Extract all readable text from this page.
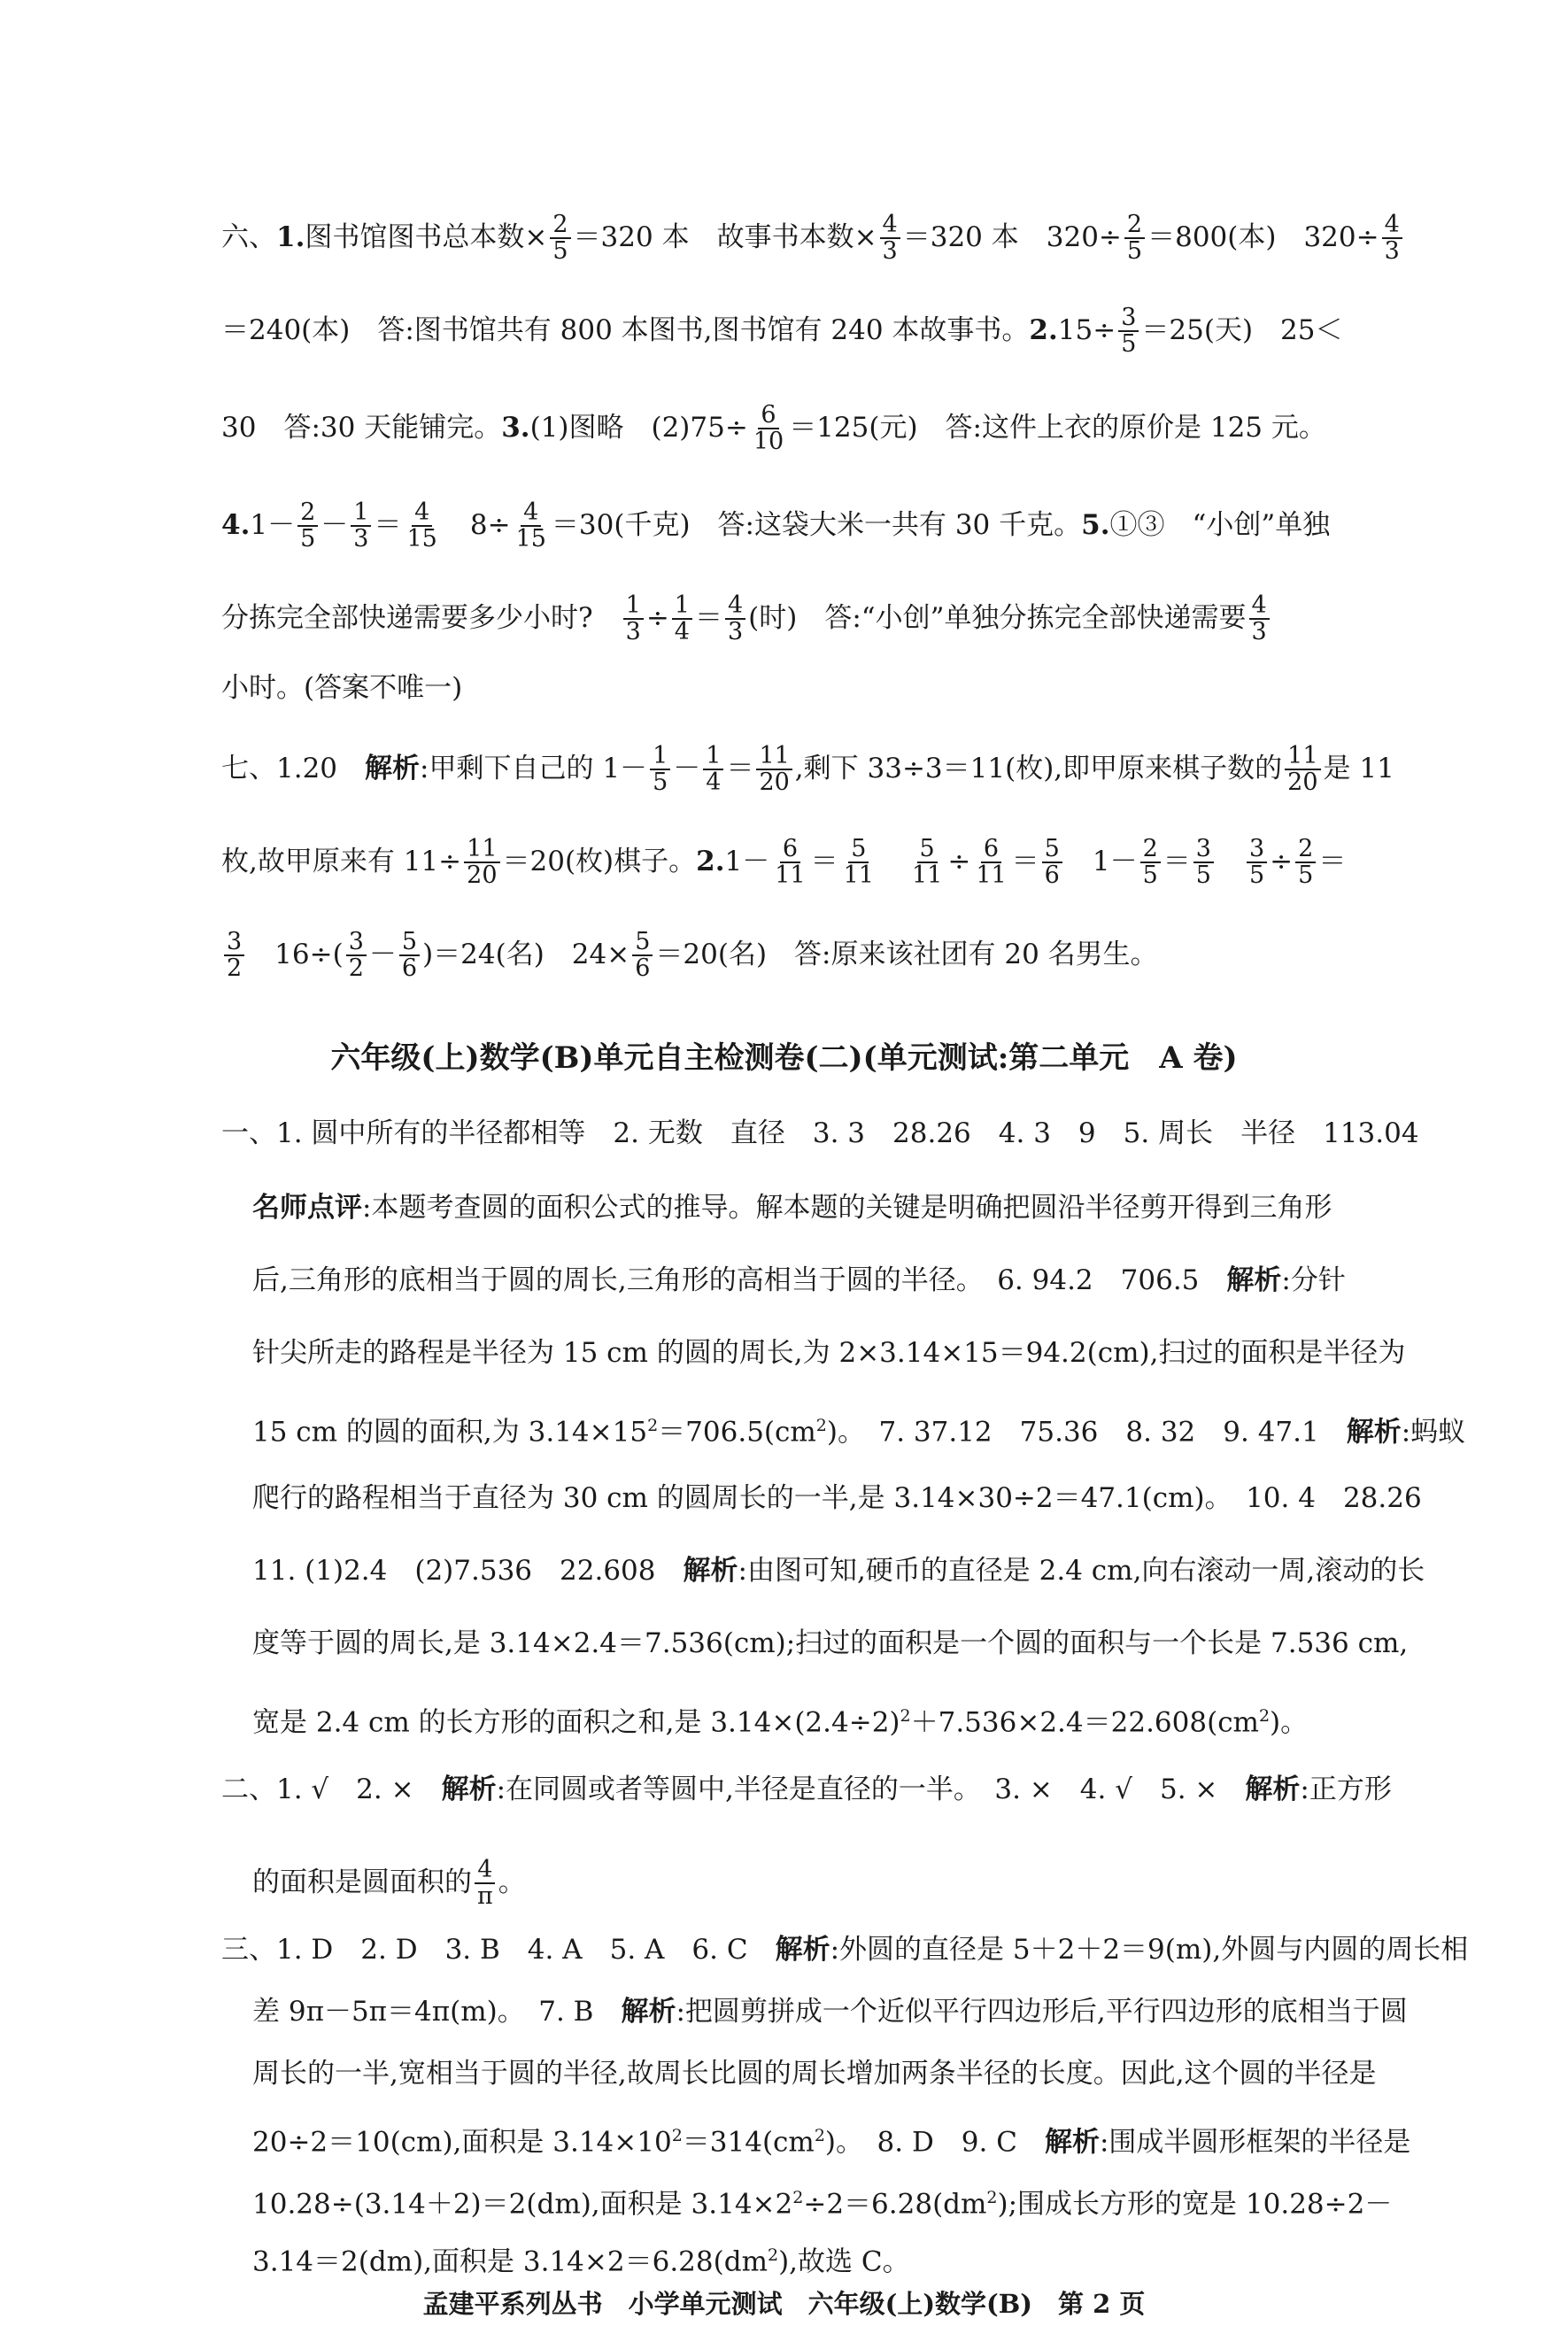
六、1.图书馆图书总本数× $\frac{2}{5} =320$ 本　故事书本数× $\frac{4}{3} =320$ 本　$320\div \frac{2}{5} =800$(本)　$320\div \frac{4}{3}$
＝240(本)　答:图书馆共有 800 本图书,图书馆有 240 本故事书。$2.15\div \frac{3}{5} =25$(天)　25＜
30　答:30 天能铺完。3.(1)图略　$(2)75\div \frac{6}{10} =125$(元)　答:这件上衣的原价是 125 元。
$4.1- \frac{2}{5} - \frac{1}{3} = \frac{4}{15}$ 　$8\div \frac{4}{15} =30$(千克)　答:这袋大米一共有 30 千克。5.①③　“小创”单独
分拣完全部快递需要多少小时?　 $\frac{1}{3} \div \frac{1}{4} = \frac{4}{3}$ (时)　答:“小创”单独分拣完全部快递需要 $\frac{4}{3}$
小时。(答案不唯一)
七、1.20　解析:甲剩下自己的 $1- \frac{1}{5} - \frac{1}{4} = \frac{11}{20}$ ,剩下 33÷3＝11(枚),即甲原来棋子数的 $\frac{11}{20}$ 是 11
枚,故甲原来有 $11\div \frac{11}{20} =20$(枚)棋子。$2.1- \frac{6}{11} = \frac{5}{11}$
　 $\frac{5}{11} \div \frac{6}{11} = \frac{5}{6}$ 　$1- \frac{2}{5} = \frac{3}{5}$
　 $\frac{3}{5} \div \frac{2}{5}$ ＝
$\frac{3}{2}$ 　$16\div( \frac{3}{2} - \frac{5}{6} )=24$(名)　$24\times \frac{5}{6} =20$(名)　答:原来该社团有 20 名男生。
六年级(上)数学(B)单元自主检测卷(二)(单元测试:第二单元　A 卷)
一、1. 圆中所有的半径都相等　2. 无数　直径　3. 3　28.26　4. 3　9　5. 周长　半径　113.04
名师点评:本题考查圆的面积公式的推导。解本题的关键是明确把圆沿半径剪开得到三角形
后,三角形的底相当于圆的周长,三角形的高相当于圆的半径。　6. 94.2　706.5　解析:分针
针尖所走的路程是半径为 15 cm 的圆的周长,为 2×3.14×15＝94.2(cm),扫过的面积是半径为
15 cm 的圆的面积,为 $3.14\times 15^2=706.5(cm^2)$。　7. 37.12　75.36　8. 32　9. 47.1　解析:蚂蚁
爬行的路程相当于直径为 30 cm 的圆周长的一半,是 3.14×30÷2＝47.1(cm)。　10. 4　28.26
11. (1)2.4　(2)7.536　22.608　解析:由图可知,硬币的直径是 2.4 cm,向右滚动一周,滚动的长
度等于圆的周长,是 3.14×2.4＝7.536(cm);扫过的面积是一个圆的面积与一个长是 7.536 cm,
宽是 2.4 cm 的长方形的面积之和,是 $3.14\times(2.4\div 2)^2+7.536\times 2.4=22.608(cm^2)$。
二、1. √　2. ×　解析:在同圆或者等圆中,半径是直径的一半。　3. ×　4. √　5. ×　解析:正方形
的面积是圆面积的 $\frac{4}{\pi}$ 。
三、1. D　2. D　3. B　4. A　5. A　6. C　解析:外圆的直径是 5＋2＋2＝9(m),外圆与内圆的周长相
差 9π－5π＝4π(m)。　7. B　解析:把圆剪拼成一个近似平行四边形后,平行四边形的底相当于圆
周长的一半,宽相当于圆的半径,故周长比圆的周长增加两条半径的长度。因此,这个圆的半径是
20÷2＝10(cm),面积是 $3.14\times 10^2=314(cm^2)$。　8. D　9. C　解析:围成半圆形框架的半径是
10.28÷(3.14＋2)＝2(dm),面积是 $3.14\times 2^2\div 2=6.28(dm^2)$;围成长方形的宽是 10.28÷2－
3.14＝2(dm),面积是 $3.14\times 2=6.28(dm^2)$,故选 C。
孟建平系列丛书　小学单元测试　六年级(上)数学(B)　第 2 页
